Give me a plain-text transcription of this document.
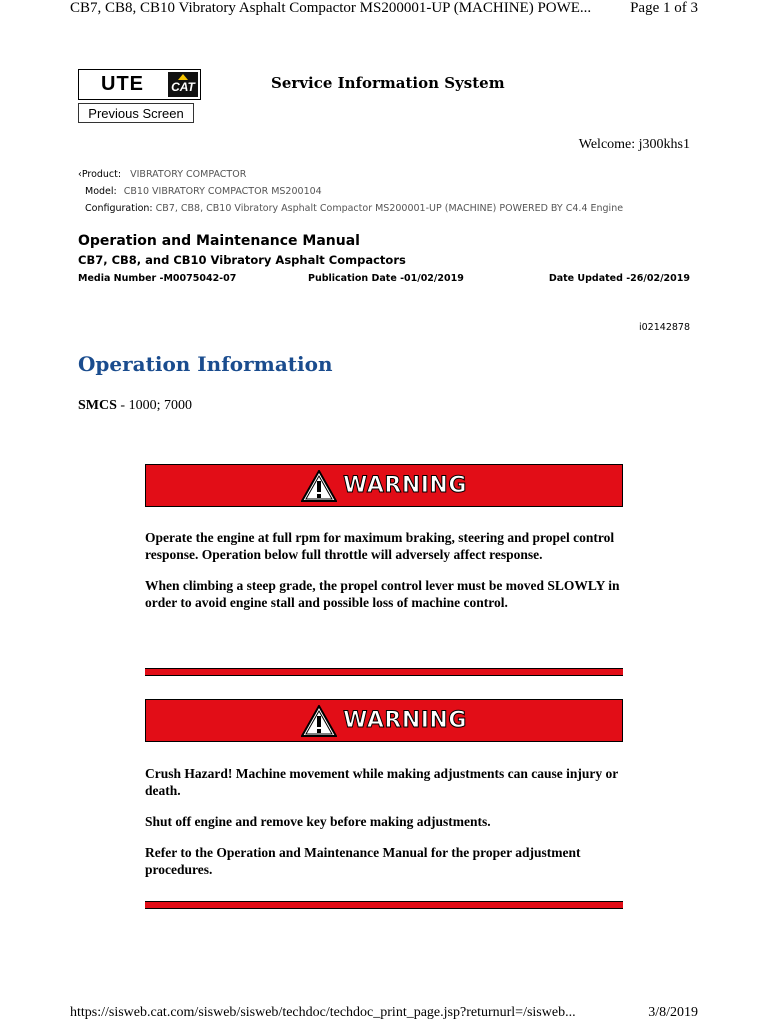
CB7, CB8, CB10 Vibratory Asphalt Compactor MS200001-UP (MACHINE) POWE...	Page 1 of 3
UTE	CAT	Service Information System
Previous Screen
Welcome: j300khs1
‹Product: VIBRATORY COMPACTOR
Model: CB10 VIBRATORY COMPACTOR MS200104
Configuration: CB7, CB8, CB10 Vibratory Asphalt Compactor MS200001-UP (MACHINE) POWERED BY C4.4 Engine
Operation and Maintenance Manual
CB7, CB8, and CB10 Vibratory Asphalt Compactors
Media Number -M0075042-07	Publication Date -01/02/2019	Date Updated -26/02/2019
i02142878
Operation Information
SMCS - 1000; 7000
WARNING

Operate the engine at full rpm for maximum braking, steering and propel control response. Operation below full throttle will adversely affect response.

When climbing a steep grade, the propel control lever must be moved SLOWLY in order to avoid engine stall and possible loss of machine control.

WARNING

Crush Hazard! Machine movement while making adjustments can cause injury or death.

Shut off engine and remove key before making adjustments.

Refer to the Operation and Maintenance Manual for the proper adjustment procedures.

https://sisweb.cat.com/sisweb/sisweb/techdoc/techdoc_print_page.jsp?returnurl=/sisweb...	3/8/2019
